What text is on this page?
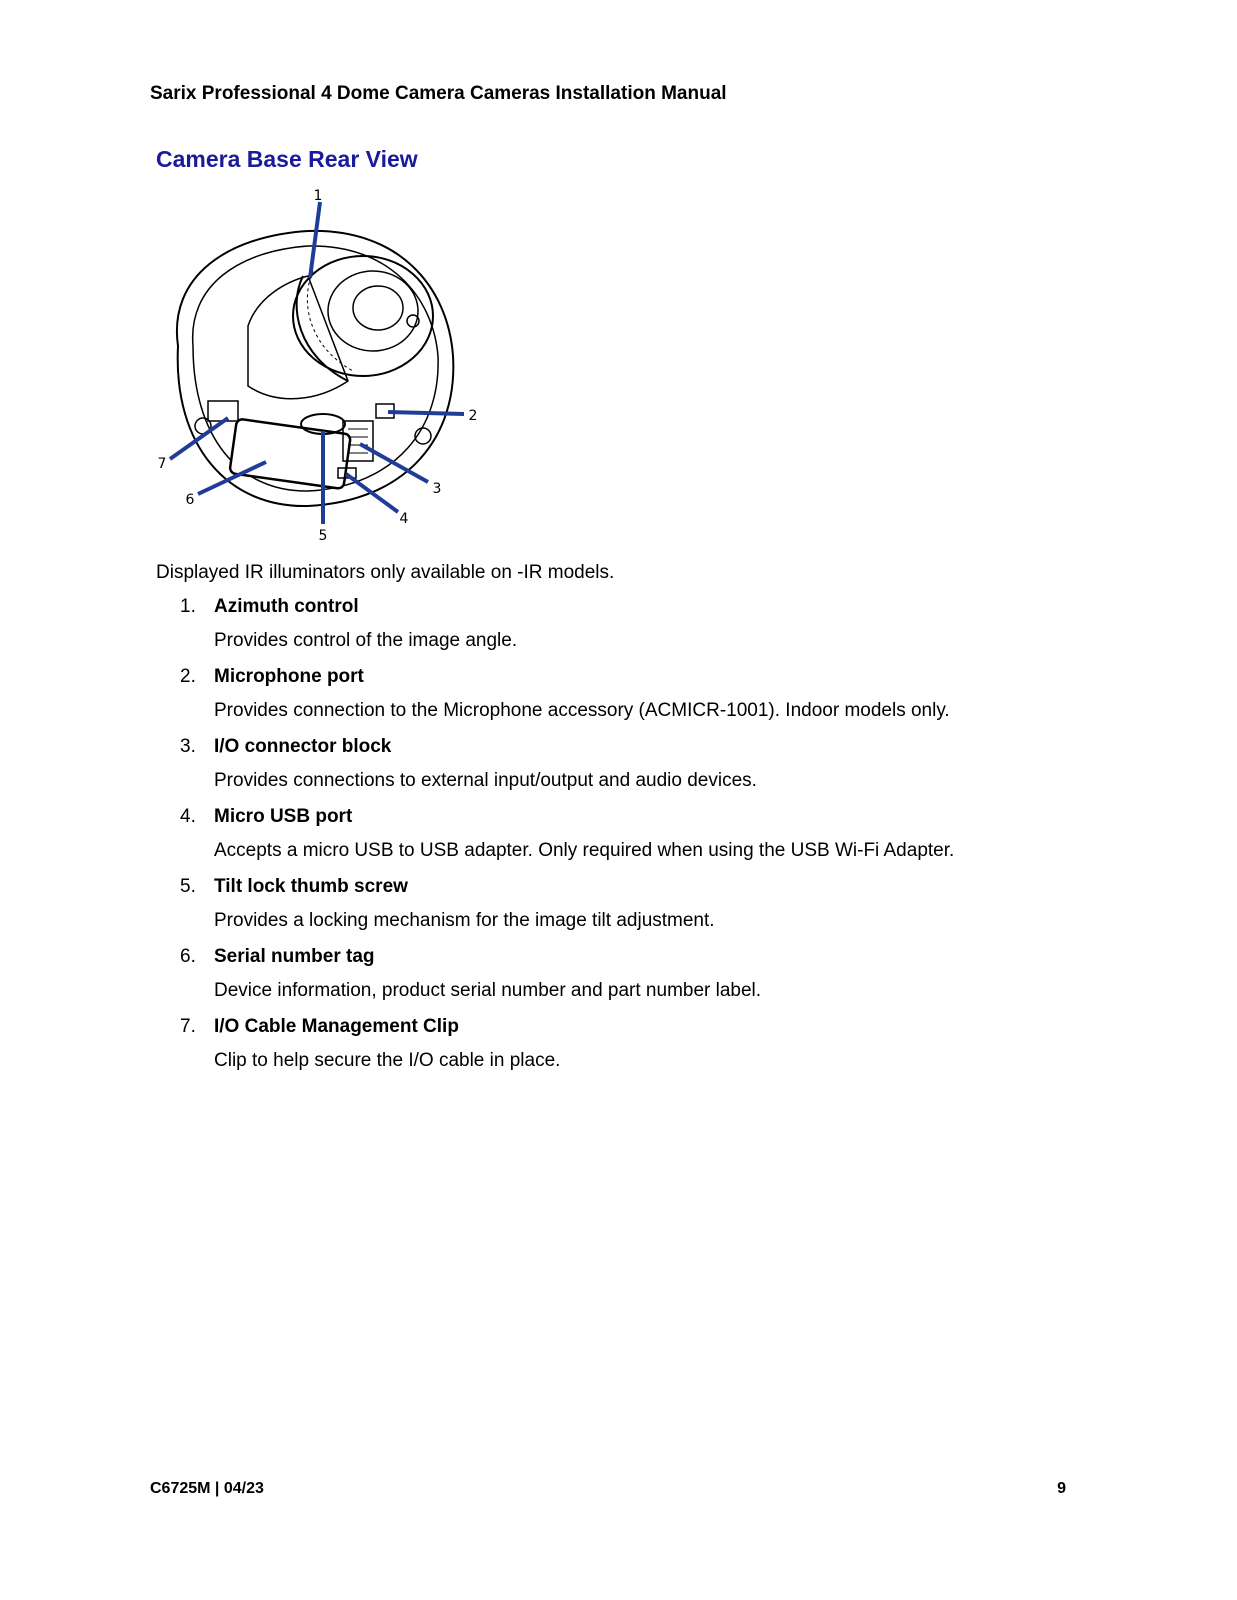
Sarix Professional 4 Dome Camera Cameras Installation Manual
Camera Base Rear View
1
2
3
4
5
6
7
Displayed IR illuminators only available on -IR models.
1. Azimuth control
Provides control of the image angle.
2. Microphone port
Provides connection to the Microphone accessory (ACMICR-1001). Indoor models only.
3. I/O connector block
Provides connections to external input/output and audio devices.
4. Micro USB port
Accepts a micro USB to USB adapter. Only required when using the USB Wi-Fi Adapter.
5. Tilt lock thumb screw
Provides a locking mechanism for the image tilt adjustment.
6. Serial number tag
Device information, product serial number and part number label.
7. I/O Cable Management Clip
Clip to help secure the I/O cable in place.
C6725M | 04/23	9
